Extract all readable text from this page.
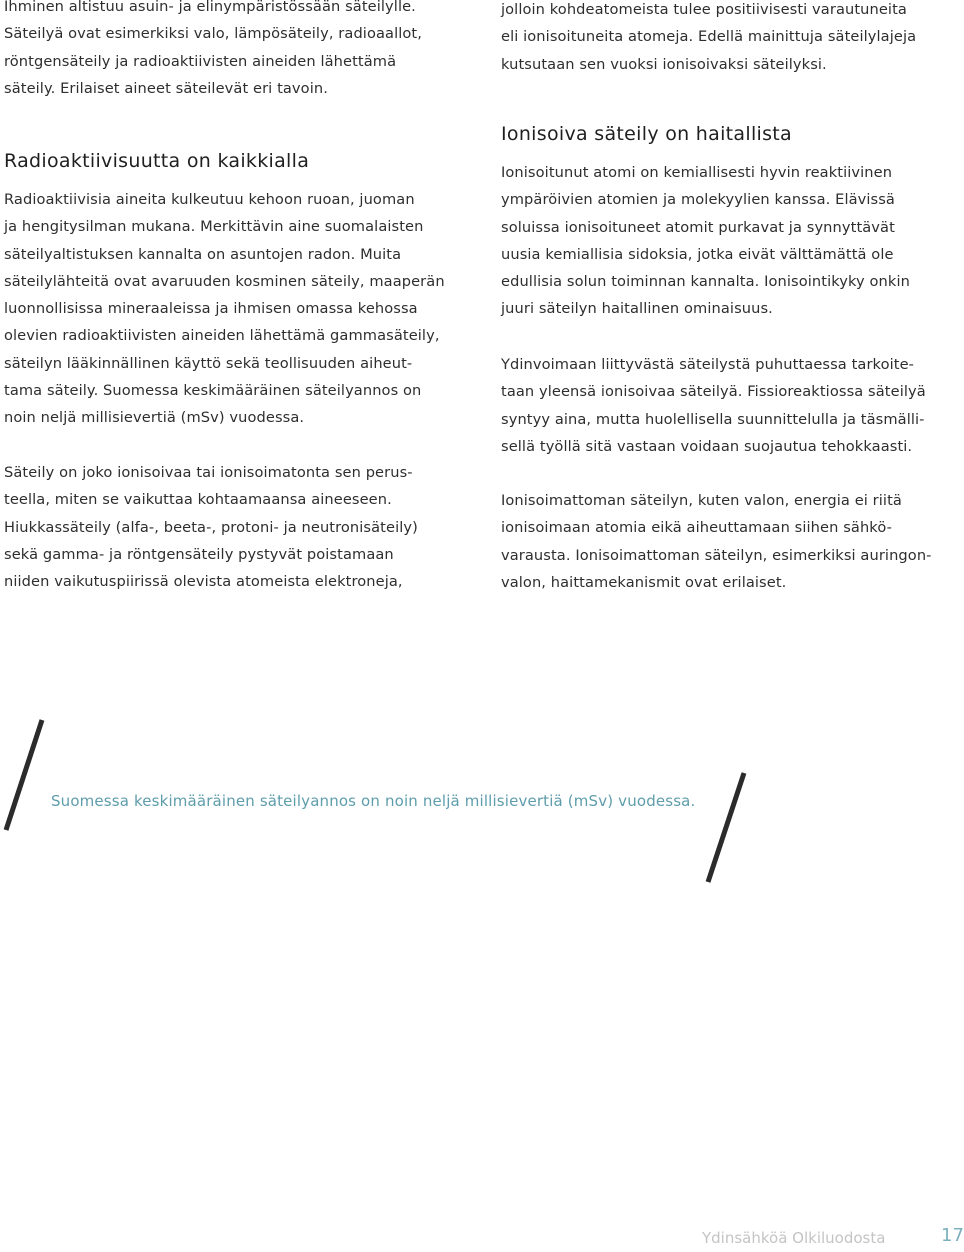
Ihminen altistuu asuin- ja elinympäristössään säteilylle.
Säteilyä ovat esimerkiksi valo, lämpösäteily, radioaallot,
röntgensäteily ja radioaktiivisten aineiden lähettämä
säteily. Erilaiset aineet säteilevät eri tavoin.
Radioaktiivisuutta on kaikkialla
Radioaktiivisia aineita kulkeutuu kehoon ruoan, juoman
ja hengitysilman mukana. Merkittävin aine suomalaisten
säteilyaltistuksen kannalta on asuntojen radon. Muita
säteilylähteitä ovat avaruuden kosminen säteily, maaperän
luonnollisissa mineraaleissa ja ihmisen omassa kehossa
olevien radioaktiivisten aineiden lähettämä gammasäteily,
säteilyn lääkinnällinen käyttö sekä teollisuuden aiheut-
tama säteily. Suomessa keskimääräinen säteilyannos on
noin neljä millisievertiä (mSv) vuodessa.
Säteily on joko ionisoivaa tai ionisoimatonta sen perus-
teella, miten se vaikuttaa kohtaamaansa aineeseen.
Hiukkassäteily (alfa-, beeta-, protoni- ja neutronisäteily)
sekä gamma- ja röntgensäteily pystyvät poistamaan
niiden vaikutuspiirissä olevista atomeista elektroneja,
jolloin kohdeatomeista tulee positiivisesti varautuneita
eli ionisoituneita atomeja. Edellä mainittuja säteilylajeja
kutsutaan sen vuoksi ionisoivaksi säteilyksi.
Ionisoiva säteily on haitallista
Ionisoitunut atomi on kemiallisesti hyvin reaktiivinen
ympäröivien atomien ja molekyylien kanssa. Elävissä
soluissa ionisoituneet atomit purkavat ja synnyttävät
uusia kemiallisia sidoksia, jotka eivät välttämättä ole
edullisia solun toiminnan kannalta. Ionisointikyky onkin
juuri säteilyn haitallinen ominaisuus.
Ydinvoimaan liittyvästä säteilystä puhuttaessa tarkoite-
taan yleensä ionisoivaa säteilyä. Fissioreaktiossa säteilyä
syntyy aina, mutta huolellisella suunnittelulla ja täsmälli-
sellä työllä sitä vastaan voidaan suojautua tehokkaasti.
Ionisoimattoman säteilyn, kuten valon, energia ei riitä
ionisoimaan atomia eikä aiheuttamaan siihen sähkö-
varausta. Ionisoimattoman säteilyn, esimerkiksi auringon-
valon, haittamekanismit ovat erilaiset.

Suomessa keskimääräinen säteilyannos on noin neljä millisievertiä (mSv) vuodessa.

Ydinsähköä Olkiluodosta	17
